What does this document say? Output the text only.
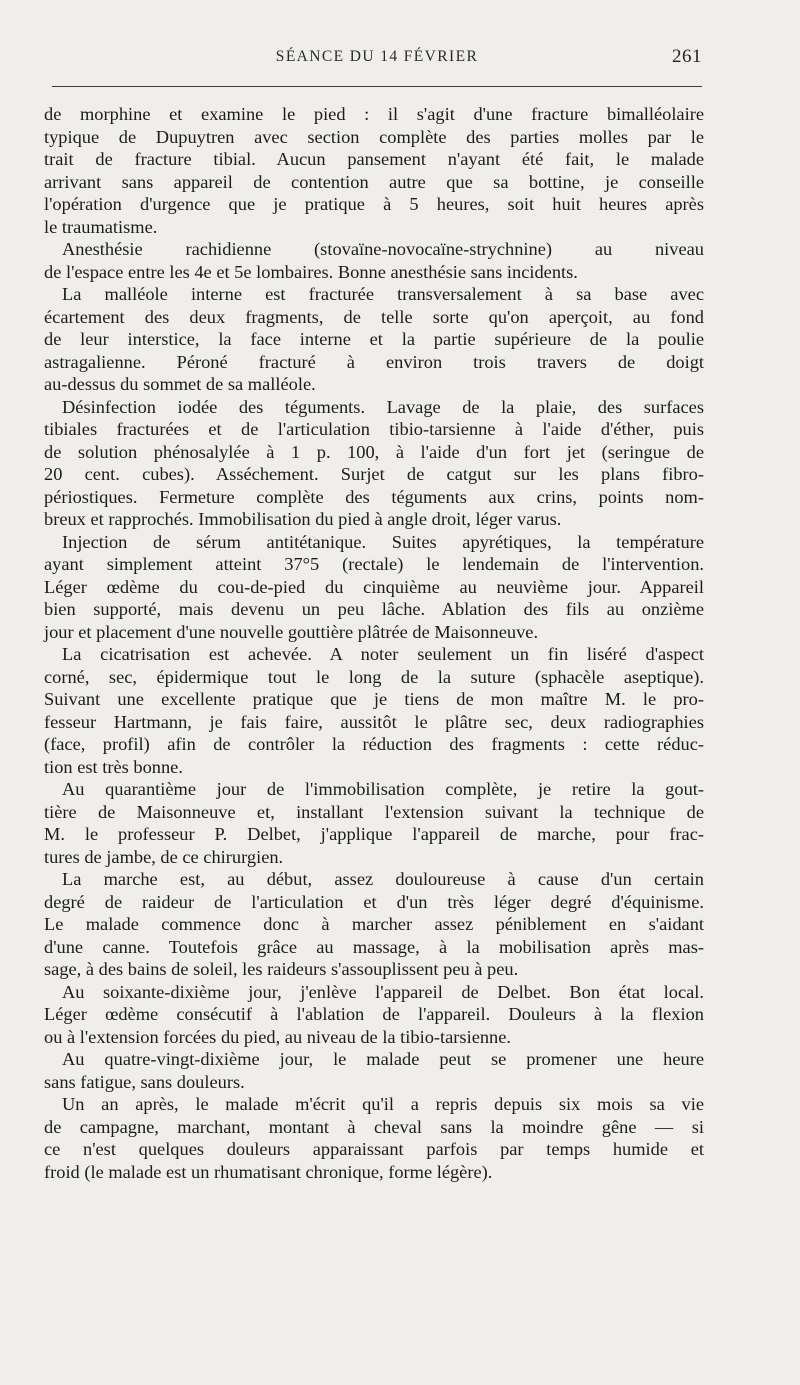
SÉANCE DU 14 FÉVRIER	261
de morphine et examine le pied : il s'agit d'une fracture bimalléolaire
typique de Dupuytren avec section complète des parties molles par le
trait de fracture tibial. Aucun pansement n'ayant été fait, le malade
arrivant sans appareil de contention autre que sa bottine, je conseille
l'opération d'urgence que je pratique à 5 heures, soit huit heures après
le traumatisme.
Anesthésie rachidienne (stovaïne-novocaïne-strychnine) au niveau
de l'espace entre les 4e et 5e lombaires. Bonne anesthésie sans incidents.
La malléole interne est fracturée transversalement à sa base avec
écartement des deux fragments, de telle sorte qu'on aperçoit, au fond
de leur interstice, la face interne et la partie supérieure de la poulie
astragalienne. Péroné fracturé à environ trois travers de doigt
au-dessus du sommet de sa malléole.
Désinfection iodée des téguments. Lavage de la plaie, des surfaces
tibiales fracturées et de l'articulation tibio-tarsienne à l'aide d'éther, puis
de solution phénosalylée à 1 p. 100, à l'aide d'un fort jet (seringue de
20 cent. cubes). Asséchement. Surjet de catgut sur les plans fibro-
périostiques. Fermeture complète des téguments aux crins, points nom-
breux et rapprochés. Immobilisation du pied à angle droit, léger varus.
Injection de sérum antitétanique. Suites apyrétiques, la température
ayant simplement atteint 37°5 (rectale) le lendemain de l'intervention.
Léger œdème du cou-de-pied du cinquième au neuvième jour. Appareil
bien supporté, mais devenu un peu lâche. Ablation des fils au onzième
jour et placement d'une nouvelle gouttière plâtrée de Maisonneuve.
La cicatrisation est achevée. A noter seulement un fin liséré d'aspect
corné, sec, épidermique tout le long de la suture (sphacèle aseptique).
Suivant une excellente pratique que je tiens de mon maître M. le pro-
fesseur Hartmann, je fais faire, aussitôt le plâtre sec, deux radiographies
(face, profil) afin de contrôler la réduction des fragments : cette réduc-
tion est très bonne.
Au quarantième jour de l'immobilisation complète, je retire la gout-
tière de Maisonneuve et, installant l'extension suivant la technique de
M. le professeur P. Delbet, j'applique l'appareil de marche, pour frac-
tures de jambe, de ce chirurgien.
La marche est, au début, assez douloureuse à cause d'un certain
degré de raideur de l'articulation et d'un très léger degré d'équinisme.
Le malade commence donc à marcher assez péniblement en s'aidant
d'une canne. Toutefois grâce au massage, à la mobilisation après mas-
sage, à des bains de soleil, les raideurs s'assouplissent peu à peu.
Au soixante-dixième jour, j'enlève l'appareil de Delbet. Bon état local.
Léger œdème consécutif à l'ablation de l'appareil. Douleurs à la flexion
ou à l'extension forcées du pied, au niveau de la tibio-tarsienne.
Au quatre-vingt-dixième jour, le malade peut se promener une heure
sans fatigue, sans douleurs.
Un an après, le malade m'écrit qu'il a repris depuis six mois sa vie
de campagne, marchant, montant à cheval sans la moindre gêne — si
ce n'est quelques douleurs apparaissant parfois par temps humide et
froid (le malade est un rhumatisant chronique, forme légère).
